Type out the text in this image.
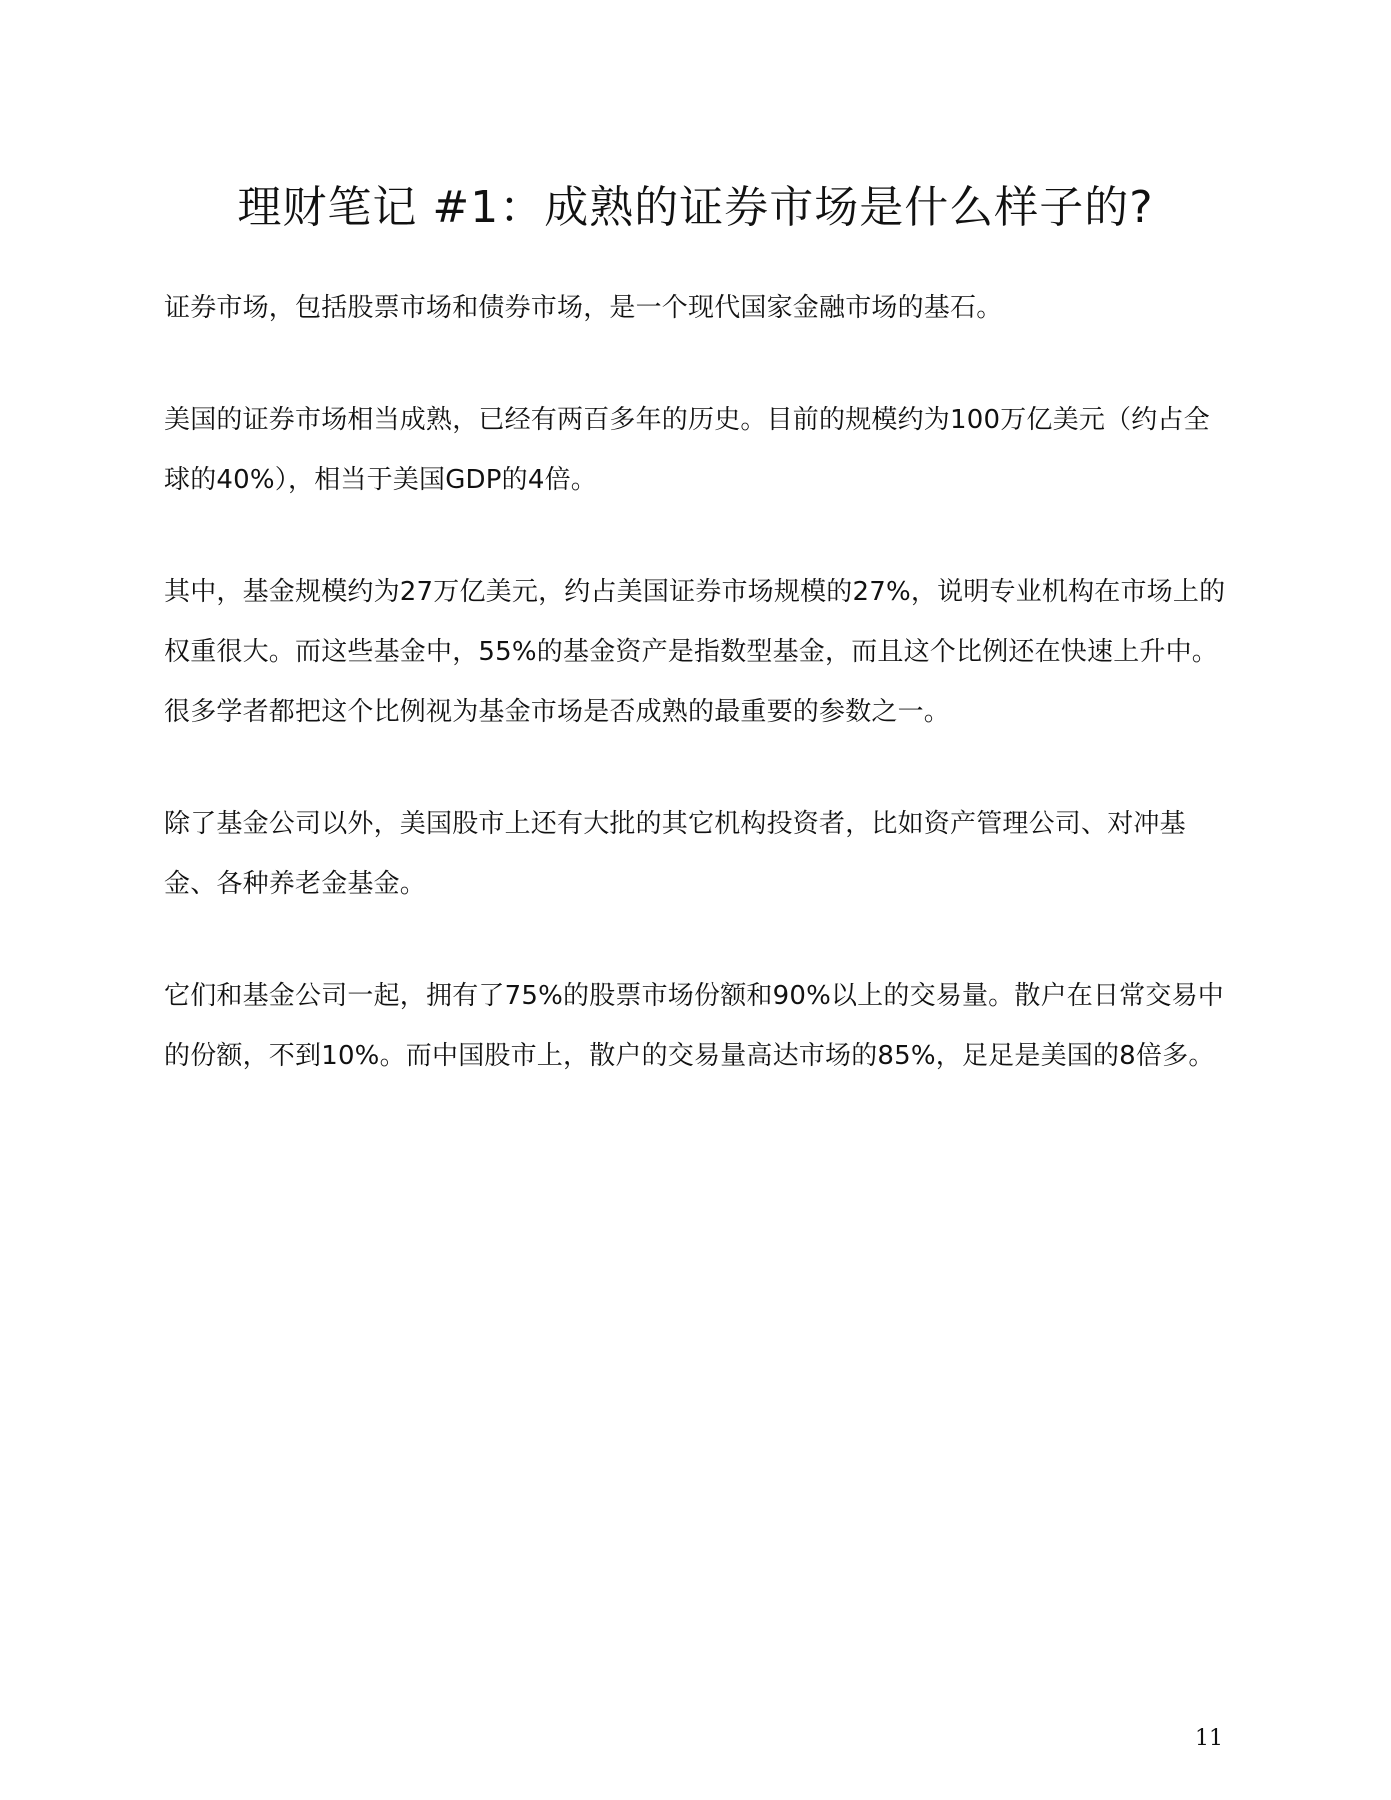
理财笔记 #1：成熟的证券市场是什么样子的?

证券市场，包括股票市场和债券市场，是一个现代国家金融市场的基石。

美国的证券市场相当成熟，已经有两百多年的历史。目前的规模约为100万亿美元（约占全球的40%），相当于美国GDP的4倍。

其中，基金规模约为27万亿美元，约占美国证券市场规模的27%，说明专业机构在市场上的权重很大。而这些基金中，55%的基金资产是指数型基金，而且这个比例还在快速上升中。很多学者都把这个比例视为基金市场是否成熟的最重要的参数之一。

除了基金公司以外，美国股市上还有大批的其它机构投资者，比如资产管理公司、对冲基金、各种养老金基金。

它们和基金公司一起，拥有了75%的股票市场份额和90%以上的交易量。散户在日常交易中的份额，不到10%。而中国股市上，散户的交易量高达市场的85%，足足是美国的8倍多。

11
